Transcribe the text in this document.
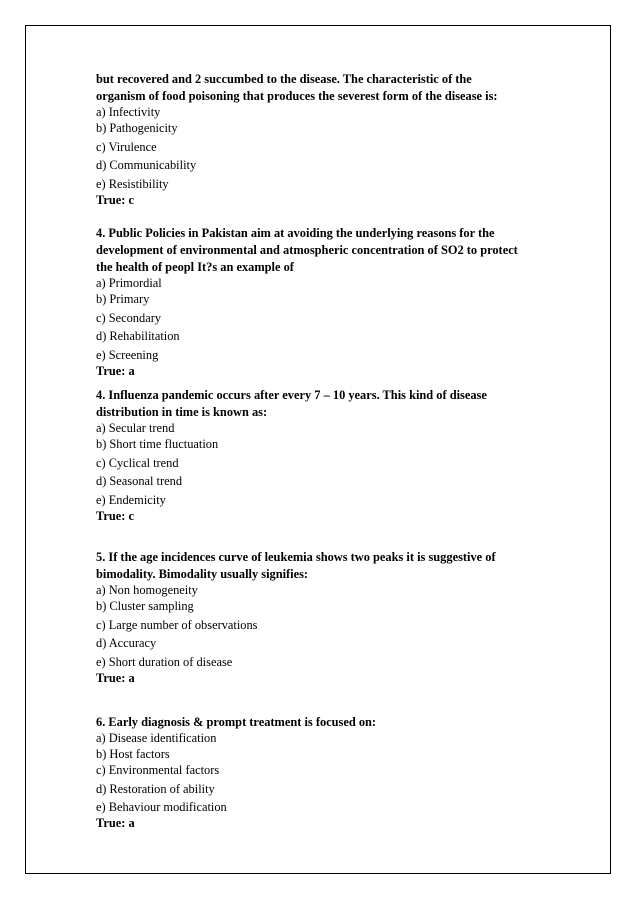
but recovered and 2 succumbed to the disease. The characteristic of the
organism of food poisoning that produces the severest form of the disease is:
a) Infectivity
b) Pathogenicity
c) Virulence
d) Communicability
e) Resistibility
True: c
4. Public Policies in Pakistan aim at avoiding the underlying reasons for the
development of environmental and atmospheric concentration of SO2 to protect
the health of peopl It?s an example of
a) Primordial
b) Primary
c) Secondary
d) Rehabilitation
e) Screening
True: a
4. Influenza pandemic occurs after every 7 – 10 years. This kind of disease
distribution in time is known as:
a) Secular trend
b) Short time fluctuation
c) Cyclical trend
d) Seasonal trend
e) Endemicity
True: c
5. If the age incidences curve of leukemia shows two peaks it is suggestive of
bimodality. Bimodality usually signifies:
a) Non homogeneity
b) Cluster sampling
c) Large number of observations
d) Accuracy
e) Short duration of disease
True: a
6. Early diagnosis & prompt treatment is focused on:
a) Disease identification
b) Host factors
c) Environmental factors
d) Restoration of ability
e) Behaviour modification
True: a
